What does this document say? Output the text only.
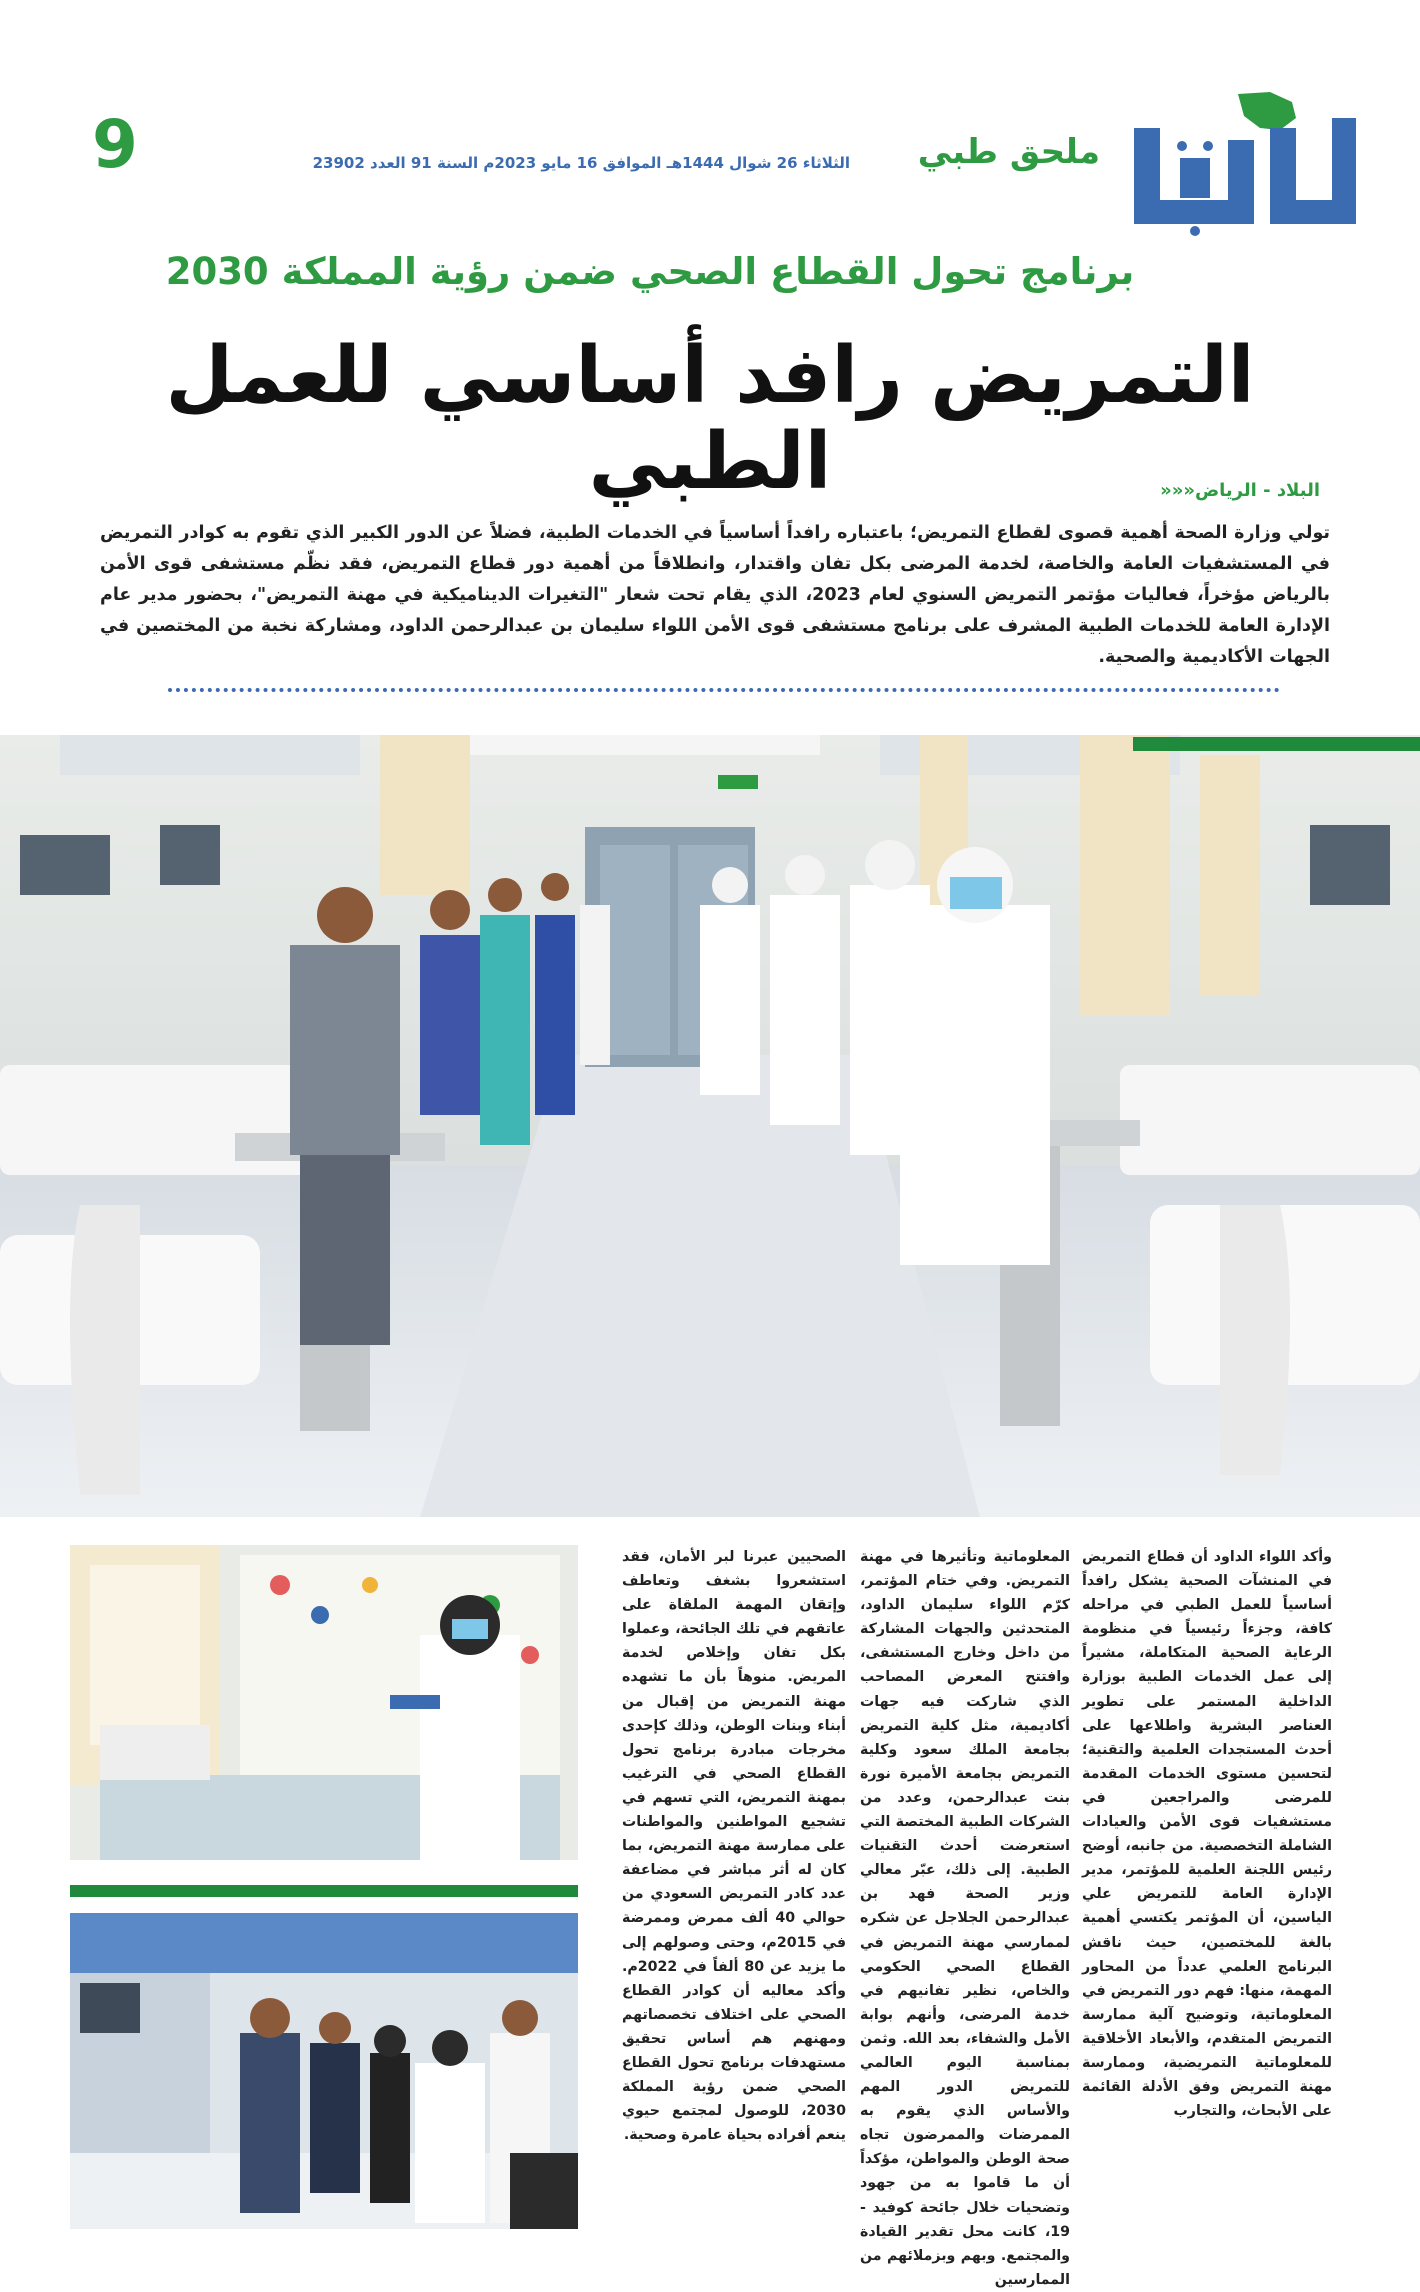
9	الثلاثاء 26 شوال 1444هـ الموافق 16 مايو 2023م السنة 91 العدد 23902	ملحق طبي
برنامج تحول القطاع الصحي ضمن رؤية المملكة 2030
التمريض رافد أساسي للعمل الطبي	البلاد - الرياض«««
تولي وزارة الصحة أهمية قصوى لقطاع التمريض؛ باعتباره رافداً أساسياً في الخدمات الطبية، فضلاً عن الدور الكبير الذي تقوم به كوادر التمريض في المستشفيات العامة والخاصة، لخدمة المرضى بكل تفان واقتدار، وانطلاقاً من أهمية دور قطاع التمريض، فقد نظّم مستشفى قوى الأمن بالرياض مؤخراً، فعاليات مؤتمر التمريض السنوي لعام 2023، الذي يقام تحت شعار "التغيرات الديناميكية في مهنة التمريض"، بحضور مدير عام الإدارة العامة للخدمات الطبية المشرف على برنامج مستشفى قوى الأمن اللواء سليمان بن عبدالرحمن الداود، ومشاركة نخبة من المختصين في الجهات الأكاديمية والصحية.
وأكد اللواء الداود أن قطاع التمريض في المنشآت الصحية يشكل رافداً أساسياً للعمل الطبي في مراحله كافة، وجزءاً رئيسياً في منظومة الرعاية الصحية المتكاملة، مشيراً إلى عمل الخدمات الطبية بوزارة الداخلية المستمر على تطوير العناصر البشرية واطلاعها على أحدث المستجدات العلمية والتقنية؛ لتحسين مستوى الخدمات المقدمة للمرضى والمراجعين في مستشفيات قوى الأمن والعيادات الشاملة التخصصية. من جانبه، أوضح رئيس اللجنة العلمية للمؤتمر، مدير الإدارة العامة للتمريض علي الياسين، أن المؤتمر يكتسي أهمية بالغة للمختصين، حيث ناقش البرنامج العلمي عدداً من المحاور المهمة، منها: فهم دور التمريض في المعلوماتية، وتوضيح آلية ممارسة التمريض المتقدم، والأبعاد الأخلاقية للمعلوماتية التمريضية، وممارسة مهنة التمريض وفق الأدلة القائمة على الأبحاث، والتجارب
المعلوماتية وتأثيرها في مهنة التمريض. وفي ختام المؤتمر، كرّم اللواء سليمان الداود، المتحدثين والجهات المشاركة من داخل وخارج المستشفى، وافتتح المعرض المصاحب الذي شاركت فيه جهات أكاديمية، مثل كلية التمريض بجامعة الملك سعود وكلية التمريض بجامعة الأميرة نورة بنت عبدالرحمن، وعدد من الشركات الطبية المختصة التي استعرضت أحدث التقنيات الطبية. إلى ذلك، عبّر معالي وزير الصحة فهد بن عبدالرحمن الجلاجل عن شكره لممارسي مهنة التمريض في القطاع الصحي الحكومي والخاص، نظير تفانيهم في خدمة المرضى، وأنهم بوابة الأمل والشفاء، بعد الله. وثمن بمناسبة اليوم العالمي للتمريض الدور المهم والأساس الذي يقوم به الممرضات والممرضون تجاه صحة الوطن والمواطن، مؤكداً أن ما قاموا به من جهود وتضحيات خلال جائحة كوفيد - 19، كانت محل تقدير القيادة والمجتمع. وبهم وبزملائهم من الممارسين
الصحيين عبرنا لبر الأمان، فقد استشعروا بشغف وتعاطف وإتقان المهمة الملقاة على عاتقهم في تلك الجائحة، وعملوا بكل تفان وإخلاص لخدمة المريض. منوهاً بأن ما تشهده مهنة التمريض من إقبال من أبناء وبنات الوطن، وذلك كإحدى مخرجات مبادرة برنامج تحول القطاع الصحي في الترغيب بمهنة التمريض، التي تسهم في تشجيع المواطنين والمواطنات على ممارسة مهنة التمريض، بما كان له أثر مباشر في مضاعفة عدد كادر التمريض السعودي من حوالي 40 ألف ممرض وممرضة في 2015م، وحتى وصولهم إلى ما يزيد عن 80 ألفاً في 2022م. وأكد معاليه أن كوادر القطاع الصحي على اختلاف تخصصاتهم ومهنهم هم أساس تحقيق مستهدفات برنامج تحول القطاع الصحي ضمن رؤية المملكة 2030، للوصول لمجتمع حيوي ينعم أفراده بحياة عامرة وصحية.
